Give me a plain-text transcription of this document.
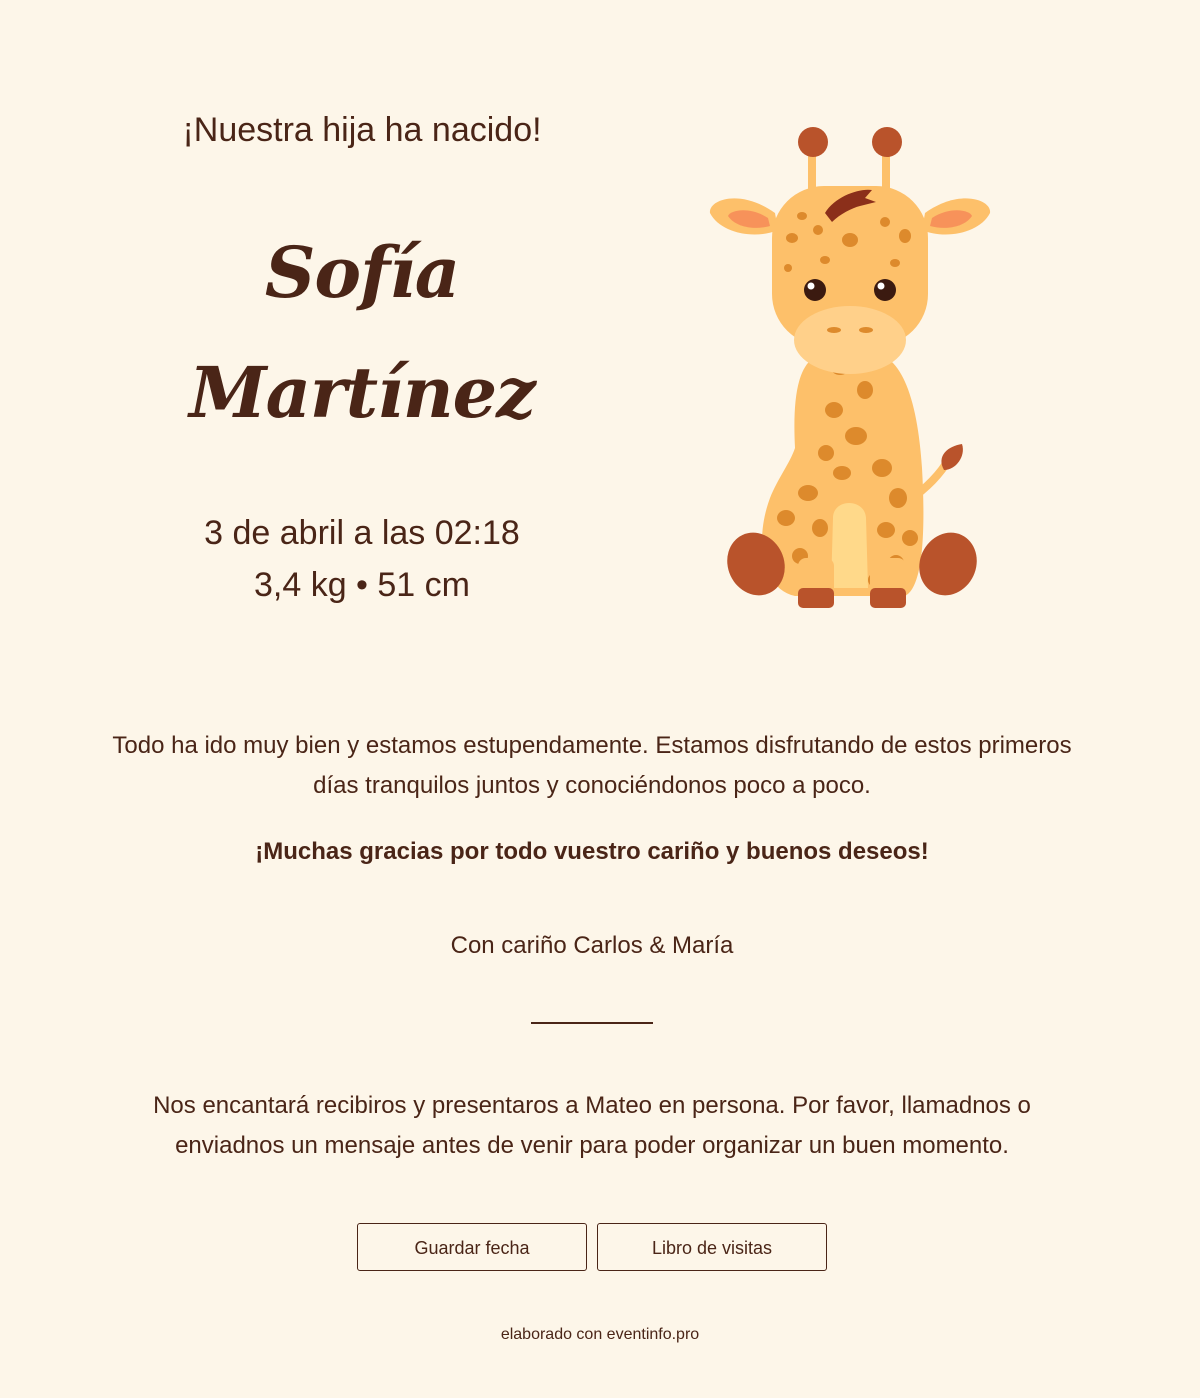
¡Nuestra hija ha nacido!
Sofía
Martínez
3 de abril a las 02:18
3,4 kg • 51 cm

Todo ha ido muy bien y estamos estupendamente. Estamos disfrutando de estos primeros días tranquilos juntos y conociéndonos poco a poco.

¡Muchas gracias por todo vuestro cariño y buenos deseos!

Con cariño Carlos & María

Nos encantará recibiros y presentaros a Mateo en persona. Por favor, llamadnos o enviadnos un mensaje antes de venir para poder organizar un buen momento.

Guardar fecha	Libro de visitas
elaborado con eventinfo.pro
